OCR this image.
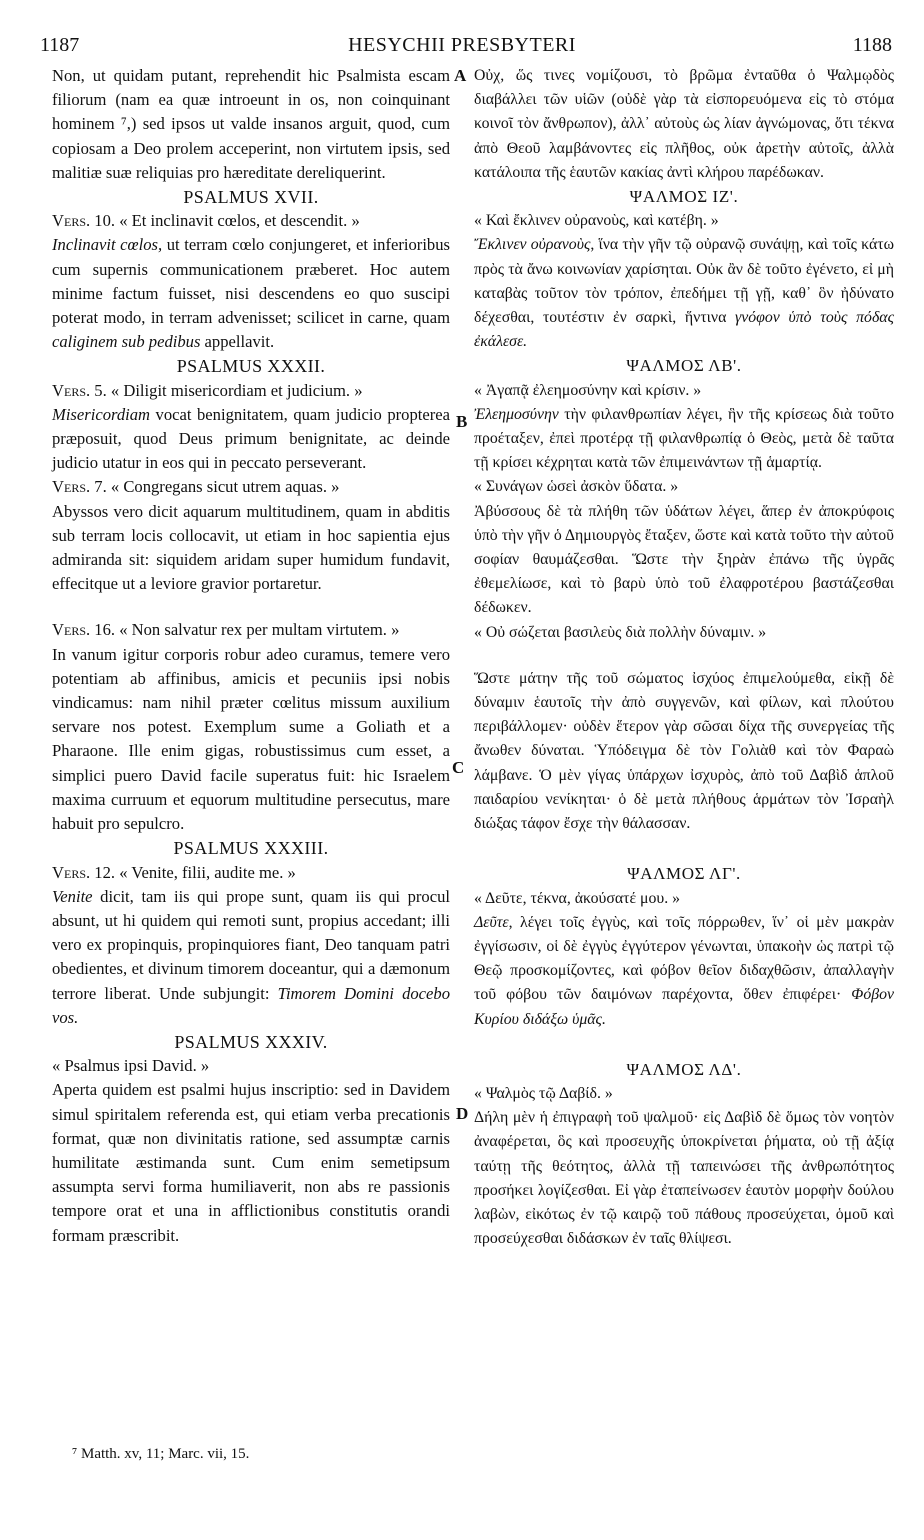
1187	HESYCHII PRESBYTERI	1188
A
B
C
D

Non, ut quidam putant, reprehendit hic Psalmista escam filiorum (nam ea quæ introeunt in os, non coinquinant hominem ⁷,) sed ipsos ut valde insanos arguit, quod, cum copiosam a Deo prolem acceperint, non virtutem ipsis, sed malitiæ suæ reliquias pro hæreditate dereliquerint.

PSALMUS XVII.

Vers. 10. « Et inclinavit cœlos, et descendit. »

Inclinavit cœlos, ut terram cœlo conjungeret, et inferioribus cum supernis communicationem præberet. Hoc autem minime factum fuisset, nisi descendens eo quo suscipi poterat modo, in terram advenisset; scilicet in carne, quam caliginem sub pedibus appellavit.

PSALMUS XXXII.

Vers. 5. « Diligit misericordiam et judicium. »

Misericordiam vocat benignitatem, quam judicio propterea præposuit, quod Deus primum benignitate, ac deinde judicio utatur in eos qui in peccato perseverant.

Vers. 7. « Congregans sicut utrem aquas. »

Abyssos vero dicit aquarum multitudinem, quam in abditis sub terram locis collocavit, ut etiam in hoc sapientia ejus admiranda sit: siquidem aridam super humidum fundavit, effecitque ut a leviore gravior portaretur.

Vers. 16. « Non salvatur rex per multam virtutem. »

In vanum igitur corporis robur adeo curamus, temere vero potentiam ab affinibus, amicis et pecuniis ipsi nobis vindicamus: nam nihil præter cœlitus missum auxilium servare nos potest. Exemplum sume a Goliath et a Pharaone. Ille enim gigas, robustissimus cum esset, a simplici puero David facile superatus fuit: hic Israelem maxima curruum et equorum multitudine persecutus, mare habuit pro sepulcro.

PSALMUS XXXIII.

Vers. 12. « Venite, filii, audite me. »

Venite dicit, tam iis qui prope sunt, quam iis qui procul absunt, ut hi quidem qui remoti sunt, propius accedant; illi vero ex propinquis, propinquiores fiant, Deo tanquam patri obedientes, et divinum timorem doceantur, qui a dæmonum terrore liberat. Unde subjungit: Timorem Domini docebo vos.

PSALMUS XXXIV.

« Psalmus ipsi David. »

Aperta quidem est psalmi hujus inscriptio: sed in Davidem simul spiritalem referenda est, qui etiam verba precationis format, quæ non divinitatis ratione, sed assumptæ carnis humilitate æstimanda sunt. Cum enim semetipsum assumpta servi forma humiliaverit, non abs re passionis tempore orat et una in afflictionibus constitutis orandi formam præscribit.

Οὐχ, ὥς τινες νομίζουσι, τὸ βρῶμα ἐνταῦθα ὁ Ψαλμῳδὸς διαβάλλει τῶν υἱῶν (οὐδὲ γὰρ τὰ εἰσπορευόμενα εἰς τὸ στόμα κοινοῖ τὸν ἄνθρωπον), ἀλλ᾿ αὐτοὺς ὡς λίαν ἀγνώμονας, ὅτι τέκνα ἀπὸ Θεοῦ λαμβάνοντες εἰς πλῆθος, οὐκ ἀρετὴν αὐτοῖς, ἀλλὰ κατάλοιπα τῆς ἑαυτῶν κακίας ἀντὶ κλήρου παρέδωκαν.

ΨΑΛΜΟΣ ΙΖ'.

« Καὶ ἔκλινεν οὐρανοὺς, καὶ κατέβη. »

Ἔκλινεν οὐρανοὺς, ἵνα τὴν γῆν τῷ οὐρανῷ συνάψῃ, καὶ τοῖς κάτω πρὸς τὰ ἄνω κοινωνίαν χαρίσηται. Οὐκ ἂν δὲ τοῦτο ἐγένετο, εἰ μὴ καταβὰς τοῦτον τὸν τρόπον, ἐπεδήμει τῇ γῇ, καθ᾿ ὃν ἠδύνατο δέχεσθαι, τουτέστιν ἐν σαρκὶ, ἥντινα γνόφον ὑπὸ τοὺς πόδας ἐκάλεσε.

ΨΑΛΜΟΣ ΛΒ'.

« Ἀγαπᾷ ἐλεημοσύνην καὶ κρίσιν. »

Ἐλεημοσύνην τὴν φιλανθρωπίαν λέγει, ἣν τῆς κρίσεως διὰ τοῦτο προέταξεν, ἐπεὶ προτέρᾳ τῇ φιλανθρωπίᾳ ὁ Θεὸς, μετὰ δὲ ταῦτα τῇ κρίσει κέχρηται κατὰ τῶν ἐπιμεινάντων τῇ ἁμαρτίᾳ.

« Συνάγων ὡσεὶ ἀσκὸν ὕδατα. »

Ἀβύσσους δὲ τὰ πλήθη τῶν ὑδάτων λέγει, ἅπερ ἐν ἀποκρύφοις ὑπὸ τὴν γῆν ὁ Δημιουργὸς ἔταξεν, ὥστε καὶ κατὰ τοῦτο τὴν αὐτοῦ σοφίαν θαυμάζεσθαι. Ὥστε τὴν ξηρὰν ἐπάνω τῆς ὑγρᾶς ἐθεμελίωσε, καὶ τὸ βαρὺ ὑπὸ τοῦ ἐλαφροτέρου βαστάζεσθαι δέδωκεν.

« Οὐ σώζεται βασιλεὺς διὰ πολλὴν δύναμιν. »

Ὥστε μάτην τῆς τοῦ σώματος ἰσχύος ἐπιμελούμεθα, εἰκῇ δὲ δύναμιν ἑαυτοῖς τὴν ἀπὸ συγγενῶν, καὶ φίλων, καὶ πλούτου περιβάλλομεν· οὐδὲν ἕτερον γὰρ σῶσαι δίχα τῆς συνεργείας τῆς ἄνωθεν δύναται. Ὑπόδειγμα δὲ τὸν Γολιὰθ καὶ τὸν Φαραὼ λάμβανε. Ὁ μὲν γίγας ὑπάρχων ἰσχυρὸς, ἀπὸ τοῦ Δαβὶδ ἁπλοῦ παιδαρίου νενίκηται· ὁ δὲ μετὰ πλήθους ἁρμάτων τὸν Ἰσραὴλ διώξας τάφον ἔσχε τὴν θάλασσαν.

ΨΑΛΜΟΣ ΛΓ'.

« Δεῦτε, τέκνα, ἀκούσατέ μου. »

Δεῦτε, λέγει τοῖς ἐγγὺς, καὶ τοῖς πόρρωθεν, ἵν᾿ οἱ μὲν μακρὰν ἐγγίσωσιν, οἱ δὲ ἐγγὺς ἐγγύτερον γένωνται, ὑπακοὴν ὡς πατρὶ τῷ Θεῷ προσκομίζοντες, καὶ φόβον θεῖον διδαχθῶσιν, ἀπαλλαγὴν τοῦ φόβου τῶν δαιμόνων παρέχοντα, ὅθεν ἐπιφέρει· Φόβον Κυρίου διδάξω ὑμᾶς.

ΨΑΛΜΟΣ ΛΔ'.

« Ψαλμὸς τῷ Δαβίδ. »

Δήλη μὲν ἡ ἐπιγραφὴ τοῦ ψαλμοῦ· εἰς Δαβὶδ δὲ ὅμως τὸν νοητὸν ἀναφέρεται, ὃς καὶ προσευχῆς ὑποκρίνεται ῥήματα, οὐ τῇ ἀξίᾳ ταύτῃ τῆς θεότητος, ἀλλὰ τῇ ταπεινώσει τῆς ἀνθρωπότητος προσήκει λογίζεσθαι. Εἰ γὰρ ἐταπείνωσεν ἑαυτὸν μορφὴν δούλου λαβὼν, εἰκότως ἐν τῷ καιρῷ τοῦ πάθους προσεύχεται, ὁμοῦ καὶ προσεύχεσθαι διδάσκων ἐν ταῖς θλίψεσι.

⁷ Matth. xv, 11; Marc. vii, 15.
